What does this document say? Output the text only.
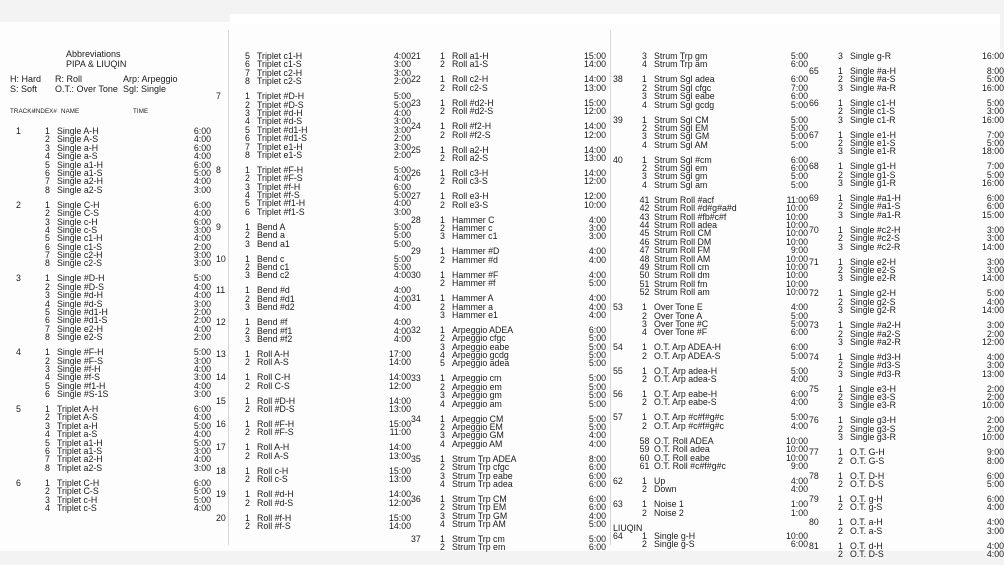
Abbreviations
PIPA & LIUQIN
H: Hard	R: Roll	Arp: Arpeggio
S: Soft	O.T.: Over Tone Sgl: Single
TRACK#
INDEX# NAME	TIME
1	1 Single A-H	6:00
2 Single A-S	4:00
3 Single a-H	6:00
4 Single a-S	4:00
5 Single a1-H	6:00
6 Single a1-S	5:00
7 Single a2-H	4:00
8 Single a2-S	3:00
2	1 Single C-H	6:00
2 Single C-S	4:00
3 Single c-H	6:00
4 Single c-S	3:00
5 Single c1-H	4:00
6 Single c1-S	2:00
7 Single c2-H	3:00
8 Single c2-S	3:00
3	1 Single #D-H	5:00
2 Single #D-S	4:00
3 Single #d-H	4:00
4 Single #d-S	3:00
5 Single #d1-H	2:00
6 Single #d1-S	2:00
7 Single e2-H	4:00
8 Single e2-S	2:00
4	1 Single #F-H	5:00
2 Single #F-S	3:00
3 Single #f-H	4:00
4 Single #f-S	3:00
5 Single #f1-H	4:00
6 Single #S-1S	3:00
5	1 Triplet A-H	6:00
2 Triplet A-S	4:00
3 Triplet a-H	5:00
4 Triplet a-S	4:00
5 Triplet a1-H	5:00
6 Triplet a1-S	3:00
7 Triplet a2-H	4:00
8 Triplet a2-S	3:00
6	1 Triplet C-H	6:00
2 Triplet C-S	5:00
3 Triplet c-H	5:00
4 Triplet c-S	4:00
5 Triplet c1-H	4:00
6 Triplet c1-S	3:00
7 Triplet c2-H	3:00
8 Triplet c2-S	2:00
7	1 Triplet #D-H	5:00
2 Triplet #D-S	5:00
3 Triplet #d-H	4:00
4 Triplet #d-S	3:00
5 Triplet #d1-H	3:00
6 Triplet #d1-S	2:00
7 Triplet e1-H	3:00
8 Triplet e1-S	2:00
8	1 Triplet #F-H	5:00
2 Triplet #F-S	4:00
3 Triplet #f-H	6:00
4 Triplet #f-S	5:00
5 Triplet #f1-H	4:00
6 Triplet #f1-S	3:00
9	1 Bend A	5:00
2 Bend a	5:00
3 Bend a1	5:00
10	1 Bend c	5:00
2 Bend c1	5:00
3 Bend c2	4:00
11	1 Bend #d	4:00
2 Bend #d1	4:00
3 Bend #d2	4:00
12	1 Bend #f	4:00
2 Bend #f1	4:00
3 Bend #f2	4:00
13	1 Roll A-H	17:00
2 Roll A-S	14:00
14	1 Roll C-H	14:00
2 Roll C-S	12:00
15	1 Roll #D-H	14:00
2 Roll #D-S	13:00
16	1 Roll #F-H	15:00
2 Roll #F-S	11:00
17	1 Roll A-H	14:00
2 Roll A-S	13:00
18	1 Roll c-H	15:00
2 Roll c-S	13:00
19	1 Roll #d-H	14:00
2 Roll #d-S	12:00
20	1 Roll #f-H	15:00
2 Roll #f-S	14:00
21	1 Roll a1-H	15:00
2 Roll a1-S	14:00
22	1 Roll c2-H	14:00
2 Roll c2-S	13:00
23	1 Roll #d2-H	15:00
2 Roll #d2-S	12:00
24	1 Roll #f2-H	14:00
2 Roll #f2-S	12:00
25	1 Roll a2-H	14:00
2 Roll a2-S	13:00
26	1 Roll c3-H	14:00
2 Roll c3-S	12:00
27	1 Roll e3-H	12:00
2 Roll e3-S	10:00
28	1 Hammer C	4:00
2 Hammer c	3:00
3 Hammer c1	3:00
29	1 Hammer #D	4:00
2 Hammer #d	4:00
30	1 Hammer #F	4:00
2 Hammer #f	5:00
31	1 Hammer A	4:00
2 Hammer a	4:00
3 Hammer e1	4:00
32	1 Arpeggio ADEA	6:00
2 Arpeggio cfgc	5:00
3 Arpeggio eabe	5:00
4 Arpeggio gcdg	5:00
5 Arpeggio adea	5:00
33	1 Arpeggio cm	5:00
2 Arpeggio em	5:00
3 Arpeggio gm	5:00
4 Arpeggio am	5:00
34	1 Arpeggio CM	5:00
2 Arpeggio EM	5:00
3 Arpeggio GM	4:00
4 Arpeggio AM	4:00
35	1 Strum Trp ADEA	8:00
2 Strum Trp cfgc	6:00
3 Strum Trp eabe	6:00
4 Strum Trp adea	6:00
36	1 Strum Trp CM	6:00
2 Strum Trp EM	6:00
3 Strum Trp GM	4:00
4 Strum Trp AM	5:00
37	1 Strum Trp cm	5:00
2 Strum Trp em	6:00
3 Strum Trp gm	5:00
4 Strum Trp am	6:00
38	1 Strum Sgl adea	6:00
2 Strum Sgl cfgc	7:00
3 Strum Sgl eabe	6:00
4 Strum Sgl gcdg	5:00
39	1 Strum Sgl CM	5:00
2 Strum Sgl EM	5:00
3 Strum Sgl GM	5:00
4 Strum Sgl AM	5:00
40	1 Strum Sgl #cm	6:00
2 Strum Sgl em	6:00
3 Strum Sgl gm	5:00
4 Strum Sgl am	5:00
41 Strum Roll #acf	11:00
42 Strum Roll #d#g#a#d	10:00
43 Strum Roll #fb#c#f	10:00
44 Strum Roll adea	10:00
45 Strum Roll CM	10:00
46 Strum Roll DM	10:00
47 Strum Roll FM	9:00
48 Strum Roll AM	10:00
49 Strum Roll cm	10:00
50 Strum Roll dm	10:00
51 Strum Roll fm	10:00
52 Strum Roll am	10:00
53	1 Over Tone E	4:00
2 Over Tone A	5:00
3 Over Tone #C	5:00
4 Over Tone #F	6:00
54	1 O.T. Arp ADEA-H	6:00
2 O.T. Arp ADEA-S	5:00
55	1 O.T. Arp adea-H	5:00
2 O.T. Arp adea-S	4:00
56	1 O.T. Arp eabe-H	6:00
2 O.T. Arp eabe-S	4:00
57	1 O.T. Arp #c#f#g#c	5:00
2 O.T. Arp #c#f#g#c	4:00
58 O.T. Roll ADEA	10:00
59 O.T. Roll adea	10:00
60 O.T. Roll eabe	10:00
61 O.T. Roll #c#f#g#c	9:00
62	1 Up	4:00
2 Down	4:00
63	1 Noise 1	1:00
2 Noise 2	1:00
LIUQIN
64	1 Single g-H	10:00
2 Single g-S	6:00
3 Single g-R	16:00
65	1 Single #a-H	8:00
2 Single #a-S	5:00
3 Single #a-R	16:00
66	1 Single c1-H	5:00
2 Single c1-S	3:00
3 Single c1-R	16:00
67	1 Single e1-H	7:00
2 Single e1-S	5:00
3 Single e1-R	18:00
68	1 Single g1-H	7:00
2 Single g1-S	5:00
3 Single g1-R	16:00
69	1 Single #a1-H	6:00
2 Single #a1-S	6:00
3 Single #a1-R	15:00
70	1 Single #c2-H	3:00
2 Single #c2-S	3:00
3 Single #c2-R	14:00
71	1 Single e2-H	3:00
2 Single e2-S	3:00
3 Single e2-R	14:00
72	1 Single g2-H	5:00
2 Single g2-S	4:00
3 Single g2-R	14:00
73	1 Single #a2-H	3:00
2 Single #a2-S	2:00
3 Single #a2-R	12:00
74	1 Single #d3-H	4:00
2 Single #d3-S	3:00
3 Single #d3-R	13:00
75	1 Single e3-H	2:00
2 Single e3-S	2:00
3 Single e3-R	10:00
76	1 Single g3-H	2:00
2 Single g3-S	2:00
3 Single g3-R	10:00
77	1 O.T. G-H	9:00
2 O.T. G-S	8:00
78	1 O.T. D-H	6:00
2 O.T. D-S	5:00
79	1 O.T. g-H	6:00
2 O.T. g-S	4:00
80	1 O.T. a-H	4:00
2 O.T. a-S	3:00
81	1 O.T. d-H	4:00
2 O.T. D-S	4:00
